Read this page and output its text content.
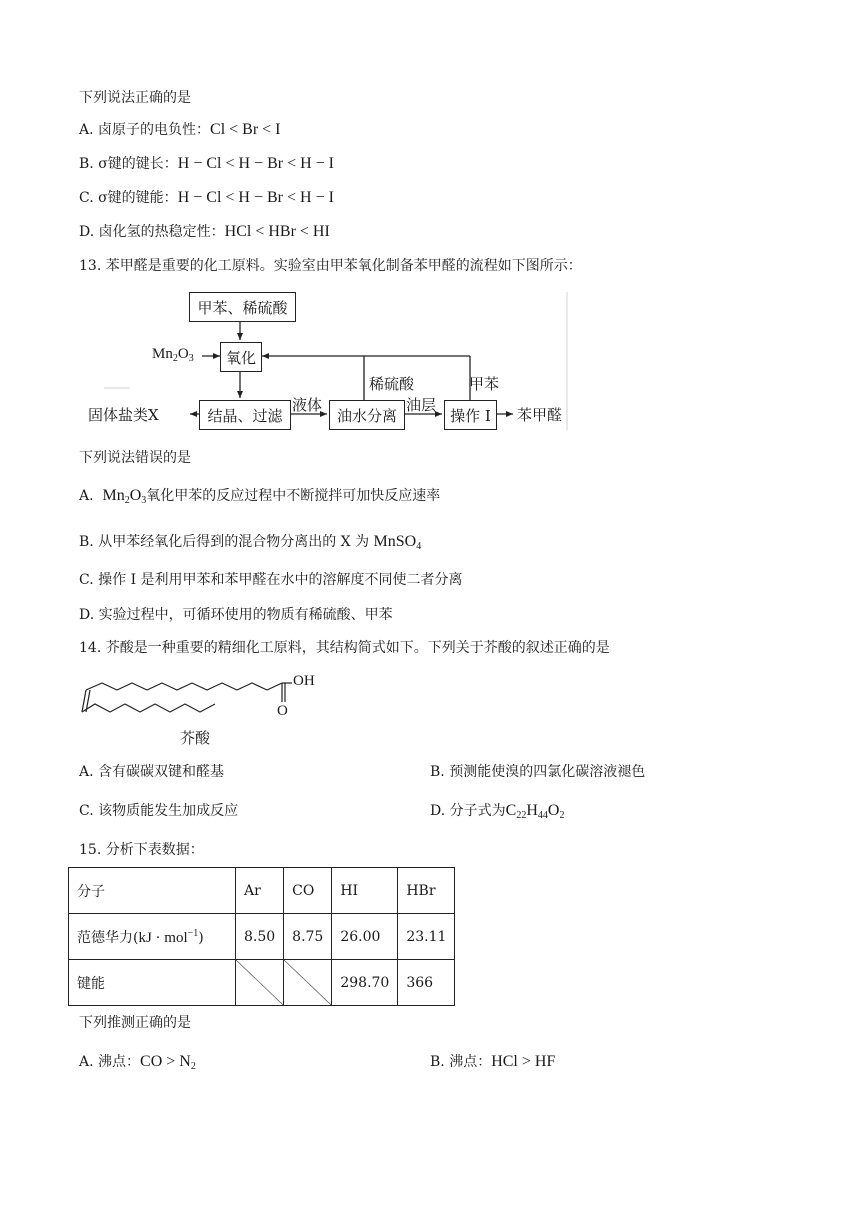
下列说法正确的是
A. 卤原子的电负性：Cl < Br < I
B. σ键的键长：H − Cl < H − Br < H − I
C. σ键的键能：H − Cl < H − Br < H − I
D. 卤化氢的热稳定性：HCl < HBr < HI
13. 苯甲醛是重要的化工原料。实验室由甲苯氧化制备苯甲醛的流程如下图所示：
甲苯、稀硫酸
氧化
结晶、过滤	油水分离	操作 I
$Mn_2O_3$
固体盐类X
液体	油层
稀硫酸	甲苯
苯甲醛
下列说法错误的是
A. $Mn_2O_3$氧化甲苯的反应过程中不断搅拌可加快反应速率
B. 从甲苯经氧化后得到的混合物分离出的 X 为 MnSO$_4$
C. 操作 I 是利用甲苯和苯甲醛在水中的溶解度不同使二者分离
D. 实验过程中，可循环使用的物质有稀硫酸、甲苯
14. 芥酸是一种重要的精细化工原料，其结构简式如下。下列关于芥酸的叙述正确的是
OH
O
芥酸
A. 含有碳碳双键和醛基	B. 预测能使溴的四氯化碳溶液褪色
C. 该物质能发生加成反应	D. 分子式为$C_{22}H_{44}O_2$
15. 分析下表数据：
分子	Ar	CO	HI	HBr
范德华力(kJ · mol$^{-1}$)	8.50	8.75	26.00	23.11
键能			298.70	366
下列推测正确的是
A. 沸点：CO > $N_2$	B. 沸点：HCl > HF
